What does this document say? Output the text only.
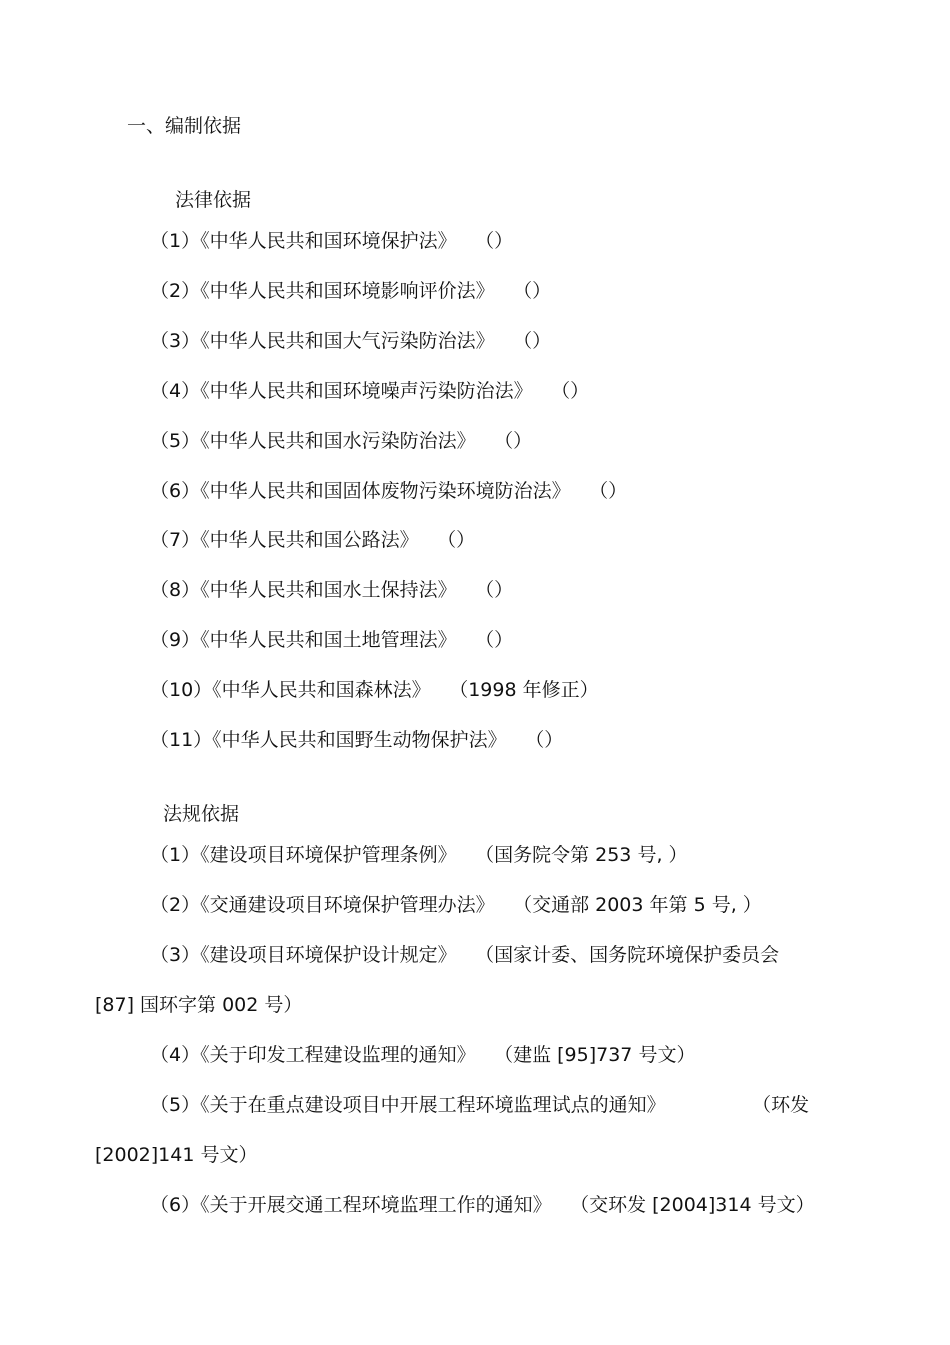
一、编制依据
法律依据
（1）《中华人民共和国环境保护法》 （）
（2）《中华人民共和国环境影响评价法》 （）
（3）《中华人民共和国大气污染防治法》 （）
（4）《中华人民共和国环境噪声污染防治法》 （）
（5）《中华人民共和国水污染防治法》 （）
（6）《中华人民共和国固体废物污染环境防治法》 （）
（7）《中华人民共和国公路法》 （）
（8）《中华人民共和国水土保持法》 （）
（9）《中华人民共和国土地管理法》 （）
（10）《中华人民共和国森林法》 （1998 年修正）
（11）《中华人民共和国野生动物保护法》 （）
法规依据
（1）《建设项目环境保护管理条例》 （国务院令第 253 号, ）
（2）《交通建设项目环境保护管理办法》 （交通部 2003 年第 5 号, ）
（3）《建设项目环境保护设计规定》 （国家计委、国务院环境保护委员会
[87] 国环字第 002 号）
（4）《关于印发工程建设监理的通知》 （建监 [95]737 号文）
（5）《关于在重点建设项目中开展工程环境监理试点的通知》	（环发
[2002]141 号文）
（6）《关于开展交通工程环境监理工作的通知》 （交环发 [2004]314 号文）
